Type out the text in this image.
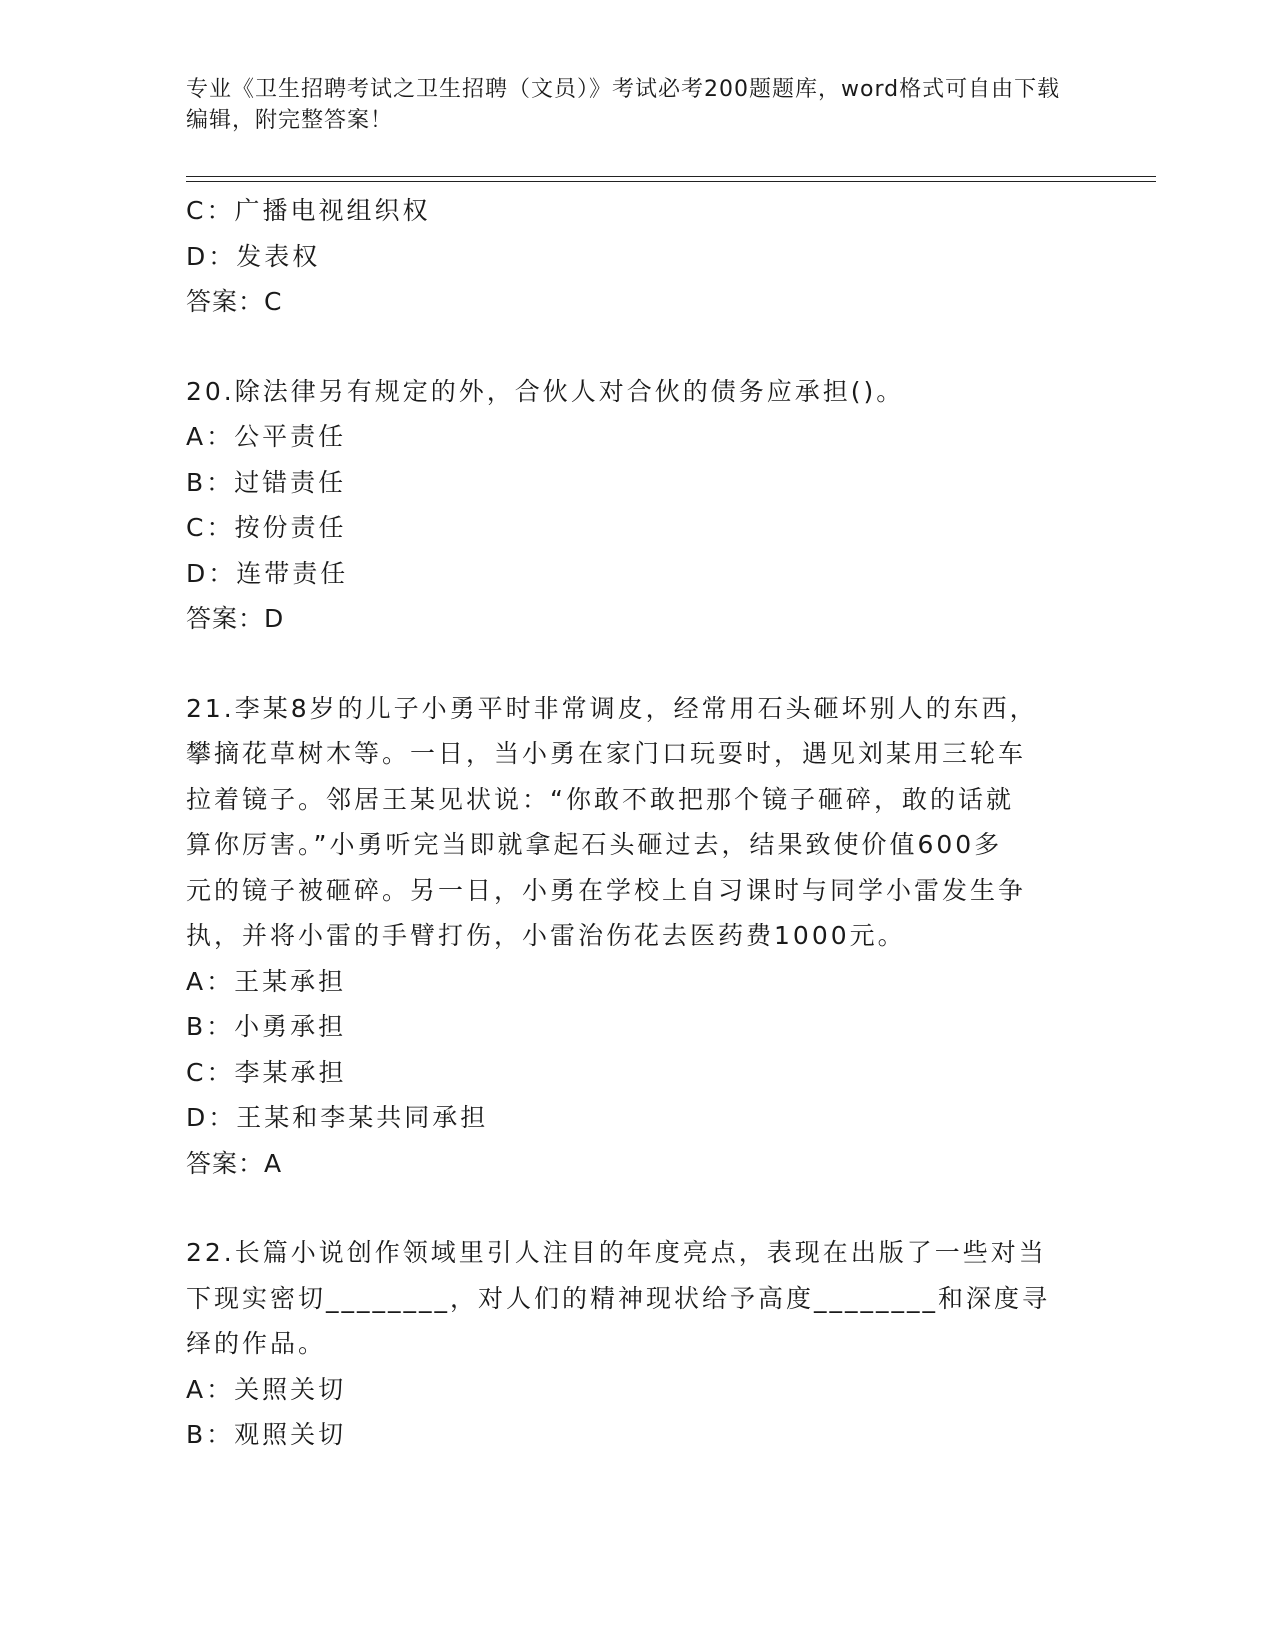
专业《卫生招聘考试之卫生招聘（文员）》考试必考200题题库，word格式可自由下载编辑，附完整答案！
C：广播电视组织权
D：发表权
答案：C
20.除法律另有规定的外，合伙人对合伙的债务应承担()。
A：公平责任
B：过错责任
C：按份责任
D：连带责任
答案：D
21.李某8岁的儿子小勇平时非常调皮，经常用石头砸坏别人的东西，
攀摘花草树木等。一日，当小勇在家门口玩耍时，遇见刘某用三轮车
拉着镜子。邻居王某见状说：“你敢不敢把那个镜子砸碎，敢的话就
算你厉害。”小勇听完当即就拿起石头砸过去，结果致使价值600多
元的镜子被砸碎。另一日，小勇在学校上自习课时与同学小雷发生争
执，并将小雷的手臂打伤，小雷治伤花去医药费1000元。
A：王某承担
B：小勇承担
C：李某承担
D：王某和李某共同承担
答案：A
22.长篇小说创作领域里引人注目的年度亮点，表现在出版了一些对当
下现实密切________，对人们的精神现状给予高度________和深度寻
绎的作品。
A：关照关切
B：观照关切
